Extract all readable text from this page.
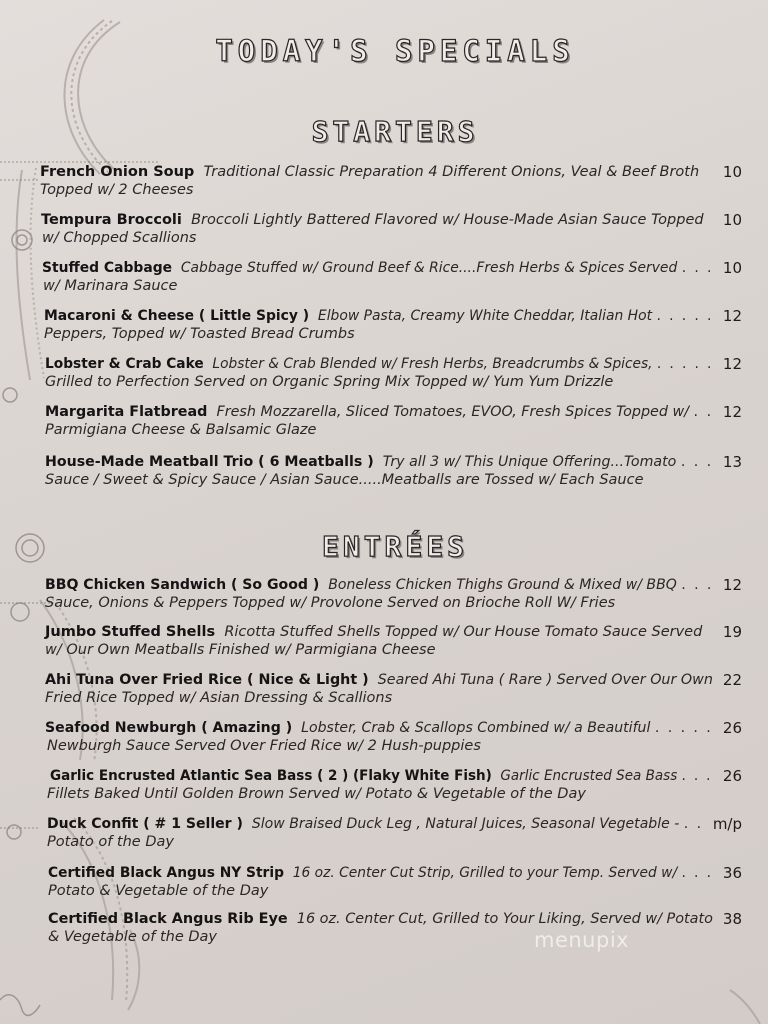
TODAY'S SPECIALS
STARTERS
French Onion Soup Traditional Classic Preparation 4 Different Onions, Veal & Beef Broth
Topped w/ 2 Cheeses
10
Tempura Broccoli Broccoli Lightly Battered Flavored w/ House-Made Asian Sauce Topped
w/ Chopped Scallions
10
Stuffed Cabbage Cabbage Stuffed w/ Ground Beef & Rice....Fresh Herbs & Spices Served . . .
w/ Marinara Sauce
10
Macaroni & Cheese ( Little Spicy ) Elbow Pasta, Creamy White Cheddar, Italian Hot . . . . .
Peppers, Topped w/ Toasted Bread Crumbs
12
Lobster & Crab Cake Lobster & Crab Blended w/ Fresh Herbs, Breadcrumbs & Spices, . . . . .
Grilled to Perfection Served on Organic Spring Mix Topped w/ Yum Yum Drizzle
12
Margarita Flatbread Fresh Mozzarella, Sliced Tomatoes, EVOO, Fresh Spices Topped w/ . .
Parmigiana Cheese & Balsamic Glaze
12
House-Made Meatball Trio ( 6 Meatballs ) Try all 3 w/ This Unique Offering...Tomato . . .
Sauce / Sweet & Spicy Sauce / Asian Sauce.....Meatballs are Tossed w/ Each Sauce
13
ENTRÉES
BBQ Chicken Sandwich ( So Good ) Boneless Chicken Thighs Ground & Mixed w/ BBQ . . .
Sauce, Onions & Peppers Topped w/ Provolone Served on Brioche Roll W/ Fries
12
Jumbo Stuffed Shells Ricotta Stuffed Shells Topped w/ Our House Tomato Sauce Served
w/ Our Own Meatballs Finished w/ Parmigiana Cheese
19
Ahi Tuna Over Fried Rice ( Nice & Light ) Seared Ahi Tuna ( Rare ) Served Over Our Own
Fried Rice Topped w/ Asian Dressing & Scallions
22
Seafood Newburgh ( Amazing ) Lobster, Crab & Scallops Combined w/ a Beautiful . . . . .
Newburgh Sauce Served Over Fried Rice w/ 2 Hush-puppies
26
Garlic Encrusted Atlantic Sea Bass ( 2 ) (Flaky White Fish) Garlic Encrusted Sea Bass . . .
Fillets Baked Until Golden Brown Served w/ Potato & Vegetable of the Day
26
Duck Confit ( # 1 Seller ) Slow Braised Duck Leg , Natural Juices, Seasonal Vegetable - . .
Potato of the Day
m/p
Certified Black Angus NY Strip 16 oz. Center Cut Strip, Grilled to your Temp. Served w/ . . .
Potato & Vegetable of the Day
36
Certified Black Angus Rib Eye 16 oz. Center Cut, Grilled to Your Liking, Served w/ Potato
& Vegetable of the Day
38
menupix
